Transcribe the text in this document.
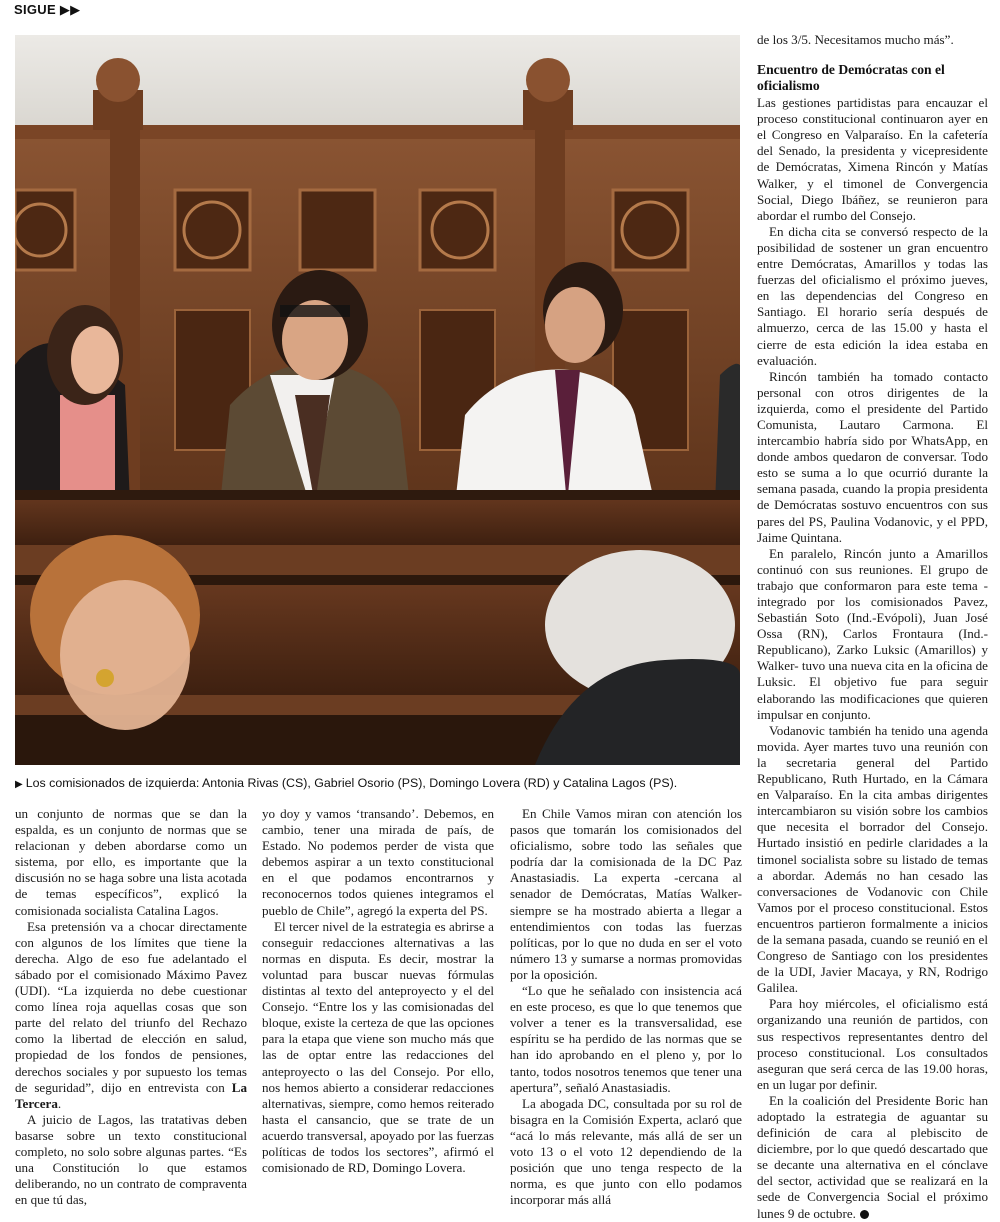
SIGUE ▶▶
▶ Los comisionados de izquierda: Antonia Rivas (CS), Gabriel Osorio (PS), Domingo Lovera (RD) y Catalina Lagos (PS).

un conjunto de normas que se dan la espalda, es un conjunto de normas que se relacionan y deben abordarse como un sistema, por ello, es importante que la discusión no se haga sobre una lista acotada de temas específicos”, explicó la comisionada socialista Catalina Lagos.

Esa pretensión va a chocar directamente con algunos de los límites que tiene la derecha. Algo de eso fue adelantado el sábado por el comisionado Máximo Pavez (UDI). “La izquierda no debe cuestionar como línea roja aquellas cosas que son parte del relato del triunfo del Rechazo como la libertad de elección en salud, propiedad de los fondos de pensiones, derechos sociales y por supuesto los temas de seguridad”, dijo en entrevista con La Tercera.

A juicio de Lagos, las tratativas deben basarse sobre un texto constitucional completo, no solo sobre algunas partes. “Es una Constitución lo que estamos deliberando, no un contrato de compraventa en que tú das,

yo doy y vamos ‘transando’. Debemos, en cambio, tener una mirada de país, de Estado. No podemos perder de vista que debemos aspirar a un texto constitucional en el que podamos encontrarnos y reconocernos todos quienes integramos el pueblo de Chile”, agregó la experta del PS.

El tercer nivel de la estrategia es abrirse a conseguir redacciones alternativas a las normas en disputa. Es decir, mostrar la voluntad para buscar nuevas fórmulas distintas al texto del anteproyecto y el del Consejo. “Entre los y las comisionadas del bloque, existe la certeza de que las opciones para la etapa que viene son mucho más que las de optar entre las redacciones del anteproyecto o las del Consejo. Por ello, nos hemos abierto a considerar redacciones alternativas, siempre, como hemos reiterado hasta el cansancio, que se trate de un acuerdo transversal, apoyado por las fuerzas políticas de todos los sectores”, afirmó el comisionado de RD, Domingo Lovera.

En Chile Vamos miran con atención los pasos que tomarán los comisionados del oficialismo, sobre todo las señales que podría dar la comisionada de la DC Paz Anastasiadis. La experta -cercana al senador de Demócratas, Matías Walker- siempre se ha mostrado abierta a llegar a entendimientos con todas las fuerzas políticas, por lo que no duda en ser el voto número 13 y sumarse a normas promovidas por la oposición.

“Lo que he señalado con insistencia acá en este proceso, es que lo que tenemos que volver a tener es la transversalidad, ese espíritu se ha perdido de las normas que se han ido aprobando en el pleno y, por lo tanto, todos nosotros tenemos que tener una apertura”, señaló Anastasiadis.

La abogada DC, consultada por su rol de bisagra en la Comisión Experta, aclaró que “acá lo más relevante, más allá de ser un voto 13 o el voto 12 dependiendo de la posición que uno tenga respecto de la norma, es que junto con ello podamos incorporar más allá

de los 3/5. Necesitamos mucho más”.

Encuentro de Demócratas con el oficialismo

Las gestiones partidistas para encauzar el proceso constitucional continuaron ayer en el Congreso en Valparaíso. En la cafetería del Senado, la presidenta y vicepresidente de Demócratas, Ximena Rincón y Matías Walker, y el timonel de Convergencia Social, Diego Ibáñez, se reunieron para abordar el rumbo del Consejo.

En dicha cita se conversó respecto de la posibilidad de sostener un gran encuentro entre Demócratas, Amarillos y todas las fuerzas del oficialismo el próximo jueves, en las dependencias del Congreso en Santiago. El horario sería después de almuerzo, cerca de las 15.00 y hasta el cierre de esta edición la idea estaba en evaluación.

Rincón también ha tomado contacto personal con otros dirigentes de la izquierda, como el presidente del Partido Comunista, Lautaro Carmona. El intercambio habría sido por WhatsApp, en donde ambos quedaron de conversar. Todo esto se suma a lo que ocurrió durante la semana pasada, cuando la propia presidenta de Demócratas sostuvo encuentros con sus pares del PS, Paulina Vodanovic, y el PPD, Jaime Quintana.

En paralelo, Rincón junto a Amarillos continuó con sus reuniones. El grupo de trabajo que conformaron para este tema -integrado por los comisionados Pavez, Sebastián Soto (Ind.-Evópoli), Juan José Ossa (RN), Carlos Frontaura (Ind.-Republicano), Zarko Luksic (Amarillos) y Walker- tuvo una nueva cita en la oficina de Luksic. El objetivo fue para seguir elaborando las modificaciones que quieren impulsar en conjunto.

Vodanovic también ha tenido una agenda movida. Ayer martes tuvo una reunión con la secretaria general del Partido Republicano, Ruth Hurtado, en la Cámara en Valparaíso. En la cita ambas dirigentes intercambiaron su visión sobre los cambios que necesita el borrador del Consejo. Hurtado insistió en pedirle claridades a la timonel socialista sobre su listado de temas a abordar. Además no han cesado las conversaciones de Vodanovic con Chile Vamos por el proceso constitucional. Estos encuentros partieron formalmente a inicios de la semana pasada, cuando se reunió en el Congreso de Santiago con los presidentes de la UDI, Javier Macaya, y RN, Rodrigo Galilea.

Para hoy miércoles, el oficialismo está organizando una reunión de partidos, con sus respectivos representantes dentro del proceso constitucional. Los consultados aseguran que será cerca de las 19.00 horas, en un lugar por definir.

En la coalición del Presidente Boric han adoptado la estrategia de aguantar su definición de cara al plebiscito de diciembre, por lo que quedó descartado que se decante una alternativa en el cónclave del sector, actividad que se realizará en la sede de Convergencia Social el próximo lunes 9 de octubre.
